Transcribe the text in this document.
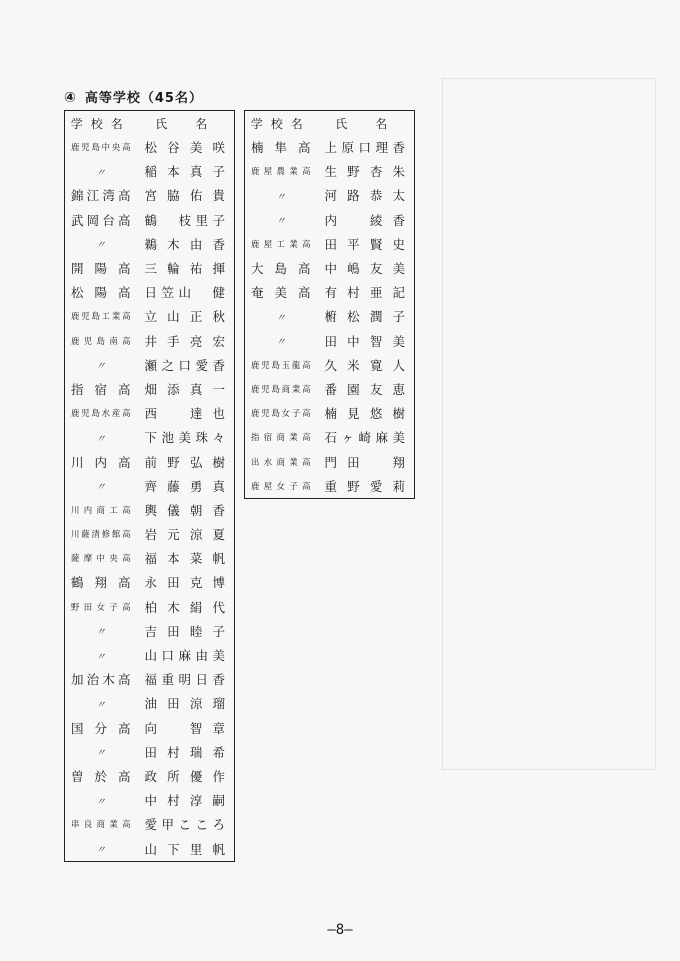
④ 高等学校（45名）
学校名	氏　名
鹿児島中央高	松谷美咲
〃	稲本真子
錦江湾高	宮脇佑貴
武岡台高	鶴　枝里子
〃	鵜木由香
開陽高	三輪祐揮
松陽高	日笠山　健
鹿児島工業高	立山正秋
鹿児島南高	井手亮宏
〃	瀬之口愛香
指宿高	畑添真一
鹿児島水産高	西　達也
〃	下池美珠々
川内高	前野弘樹
〃	齊藤勇真
川内商工高	輿儀朝香
川薩清修館高	岩元涼夏
薩摩中央高	福本菜帆
鶴翔高	永田克博
野田女子高	柏木絹代
〃	吉田睦子
〃	山口麻由美
加治木高	福重明日香
〃	油田涼瑠
国分高	向　智章
〃	田村瑞希
曽於高	政所優作
〃	中村淳嗣
串良商業高	愛甲こころ
〃	山下里帆
学校名	氏　名
楠隼高	上原口理香
鹿屋農業高	生野杏朱
〃	河路恭太
〃	内　綾香
鹿屋工業高	田平賢史
大島高	中嶋友美
奄美高	有村亜記
〃	椨松潤子
〃	田中智美
鹿児島玉龍高	久米寛人
鹿児島商業高	番園友恵
鹿児島女子高	楠見悠樹
指宿商業高	石ヶ崎麻美
出水商業高	門田　翔
鹿屋女子高	重野愛莉
—8—
